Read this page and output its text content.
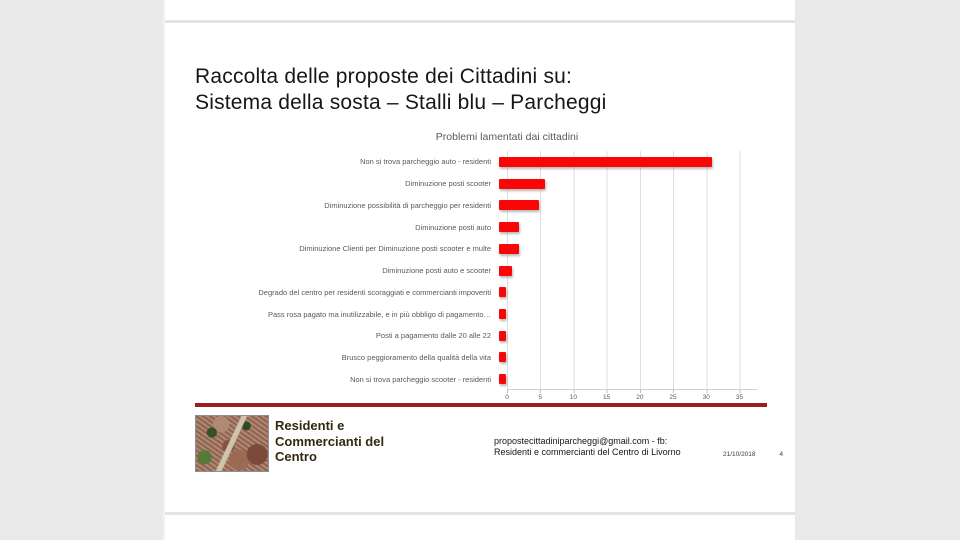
Raccolta delle proposte dei Cittadini su:
Sistema della sosta – Stalli blu – Parcheggi
Problemi lamentati dai cittadini
Non si trova parcheggio auto - residenti
Diminuzione posti scooter
Diminuzione possibilità di parcheggio per residenti
Diminuzione posti auto
Diminuzione Clienti per Diminuzione posti scooter e multe
Diminuzione posti auto e scooter
Degrado del centro per residenti scoraggiati e commercianti impoveriti
Pass rosa pagato ma inutilizzabile, e in più obbligo di pagamento…
Posti a pagamento dalle 20 alle 22
Brusco peggioramento della qualità della vita
Non si trova parcheggio scooter - residenti
Residenti e Commercianti del Centro
propostecittadiniparcheggi@gmail.com - fb:
Residenti e commercianti del Centro di Livorno	21/10/2018	4
0	5	10	15	20	25	30	35
